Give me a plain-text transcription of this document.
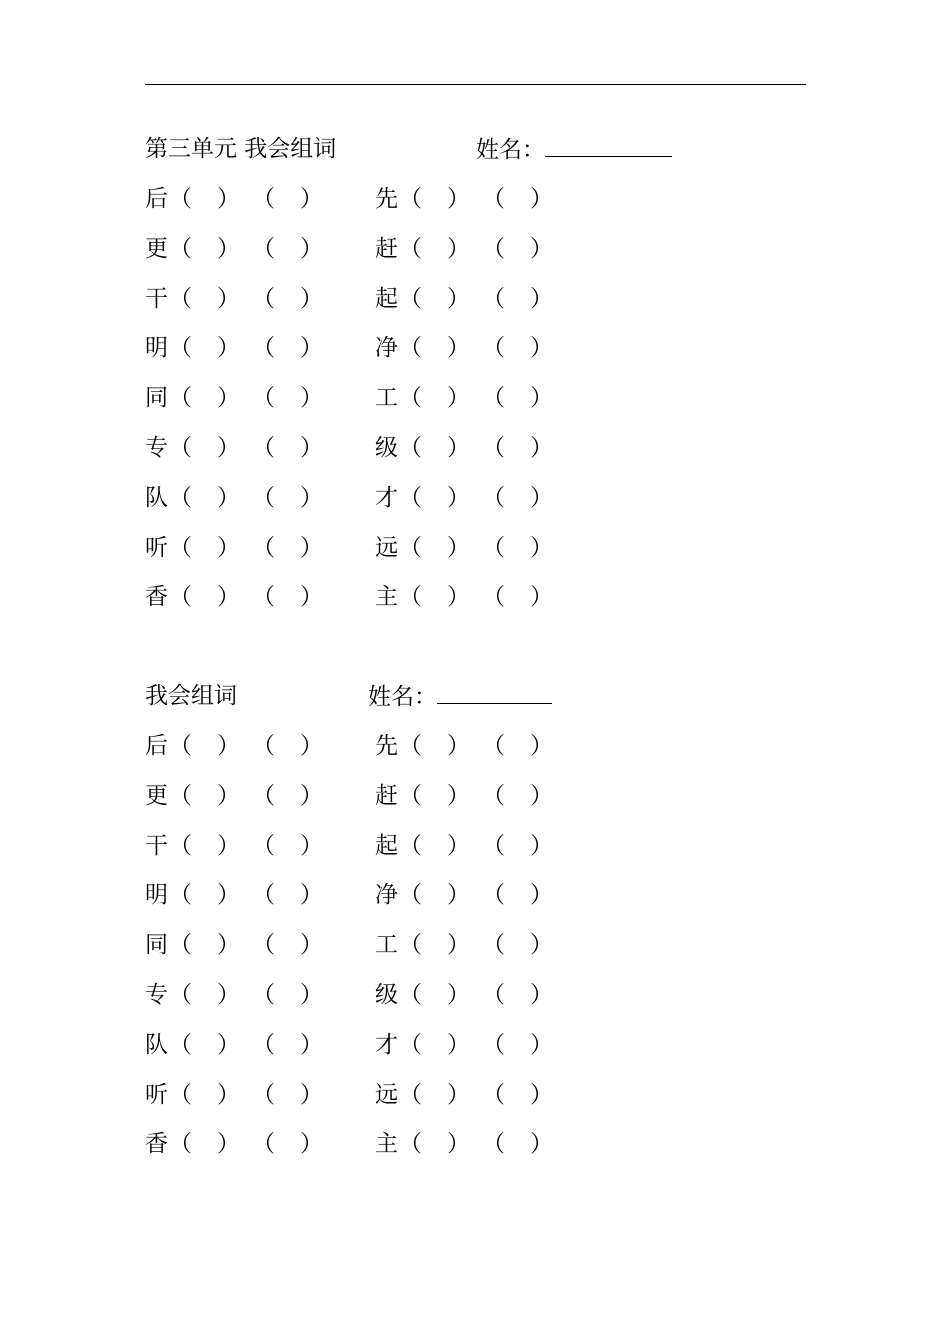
第三单元 我会组词	姓名：
后 （ ） （ ） 先 （ ） （ ）
更 （ ） （ ） 赶 （ ） （ ）
干 （ ） （ ） 起 （ ） （ ）
明 （ ） （ ） 净 （ ） （ ）
同 （ ） （ ） 工 （ ） （ ）
专 （ ） （ ） 级 （ ） （ ）
队 （ ） （ ） 才 （ ） （ ）
听 （ ） （ ） 远 （ ） （ ）
香 （ ） （ ） 主 （ ） （ ）
我会组词	姓名：
后 （ ） （ ） 先 （ ） （ ）
更 （ ） （ ） 赶 （ ） （ ）
干 （ ） （ ） 起 （ ） （ ）
明 （ ） （ ） 净 （ ） （ ）
同 （ ） （ ） 工 （ ） （ ）
专 （ ） （ ） 级 （ ） （ ）
队 （ ） （ ） 才 （ ） （ ）
听 （ ） （ ） 远 （ ） （ ）
香 （ ） （ ） 主 （ ） （ ）
